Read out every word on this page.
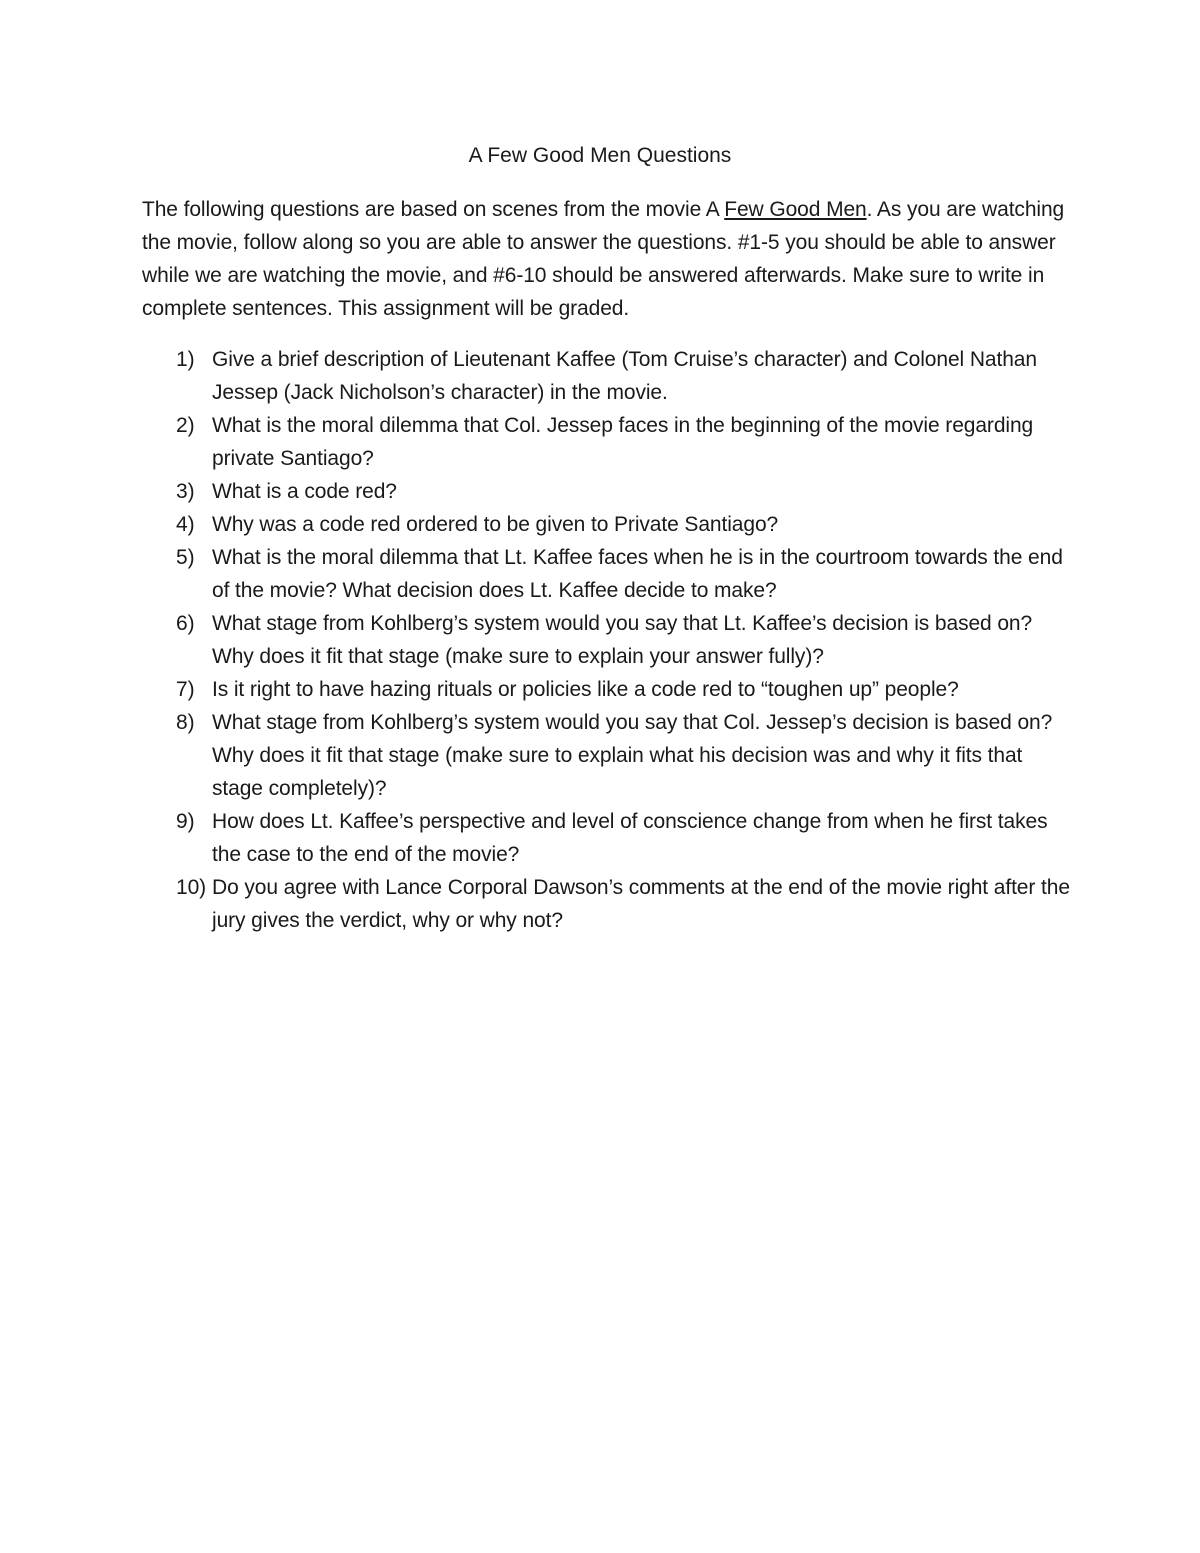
A Few Good Men Questions
The following questions are based on scenes from the movie A Few Good Men. As you are watching the movie, follow along so you are able to answer the questions. #1-5 you should be able to answer while we are watching the movie, and #6-10 should be answered afterwards. Make sure to write in complete sentences. This assignment will be graded.
1) Give a brief description of Lieutenant Kaffee (Tom Cruise’s character) and Colonel Nathan Jessep (Jack Nicholson’s character) in the movie.
2) What is the moral dilemma that Col. Jessep faces in the beginning of the movie regarding private Santiago?
3) What is a code red?
4) Why was a code red ordered to be given to Private Santiago?
5) What is the moral dilemma that Lt. Kaffee faces when he is in the courtroom towards the end of the movie? What decision does Lt. Kaffee decide to make?
6) What stage from Kohlberg’s system would you say that Lt. Kaffee’s decision is based on? Why does it fit that stage (make sure to explain your answer fully)?
7) Is it right to have hazing rituals or policies like a code red to “toughen up” people?
8) What stage from Kohlberg’s system would you say that Col. Jessep’s decision is based on? Why does it fit that stage (make sure to explain what his decision was and why it fits that stage completely)?
9) How does Lt. Kaffee’s perspective and level of conscience change from when he first takes the case to the end of the movie?
10) Do you agree with Lance Corporal Dawson’s comments at the end of the movie right after the jury gives the verdict, why or why not?
